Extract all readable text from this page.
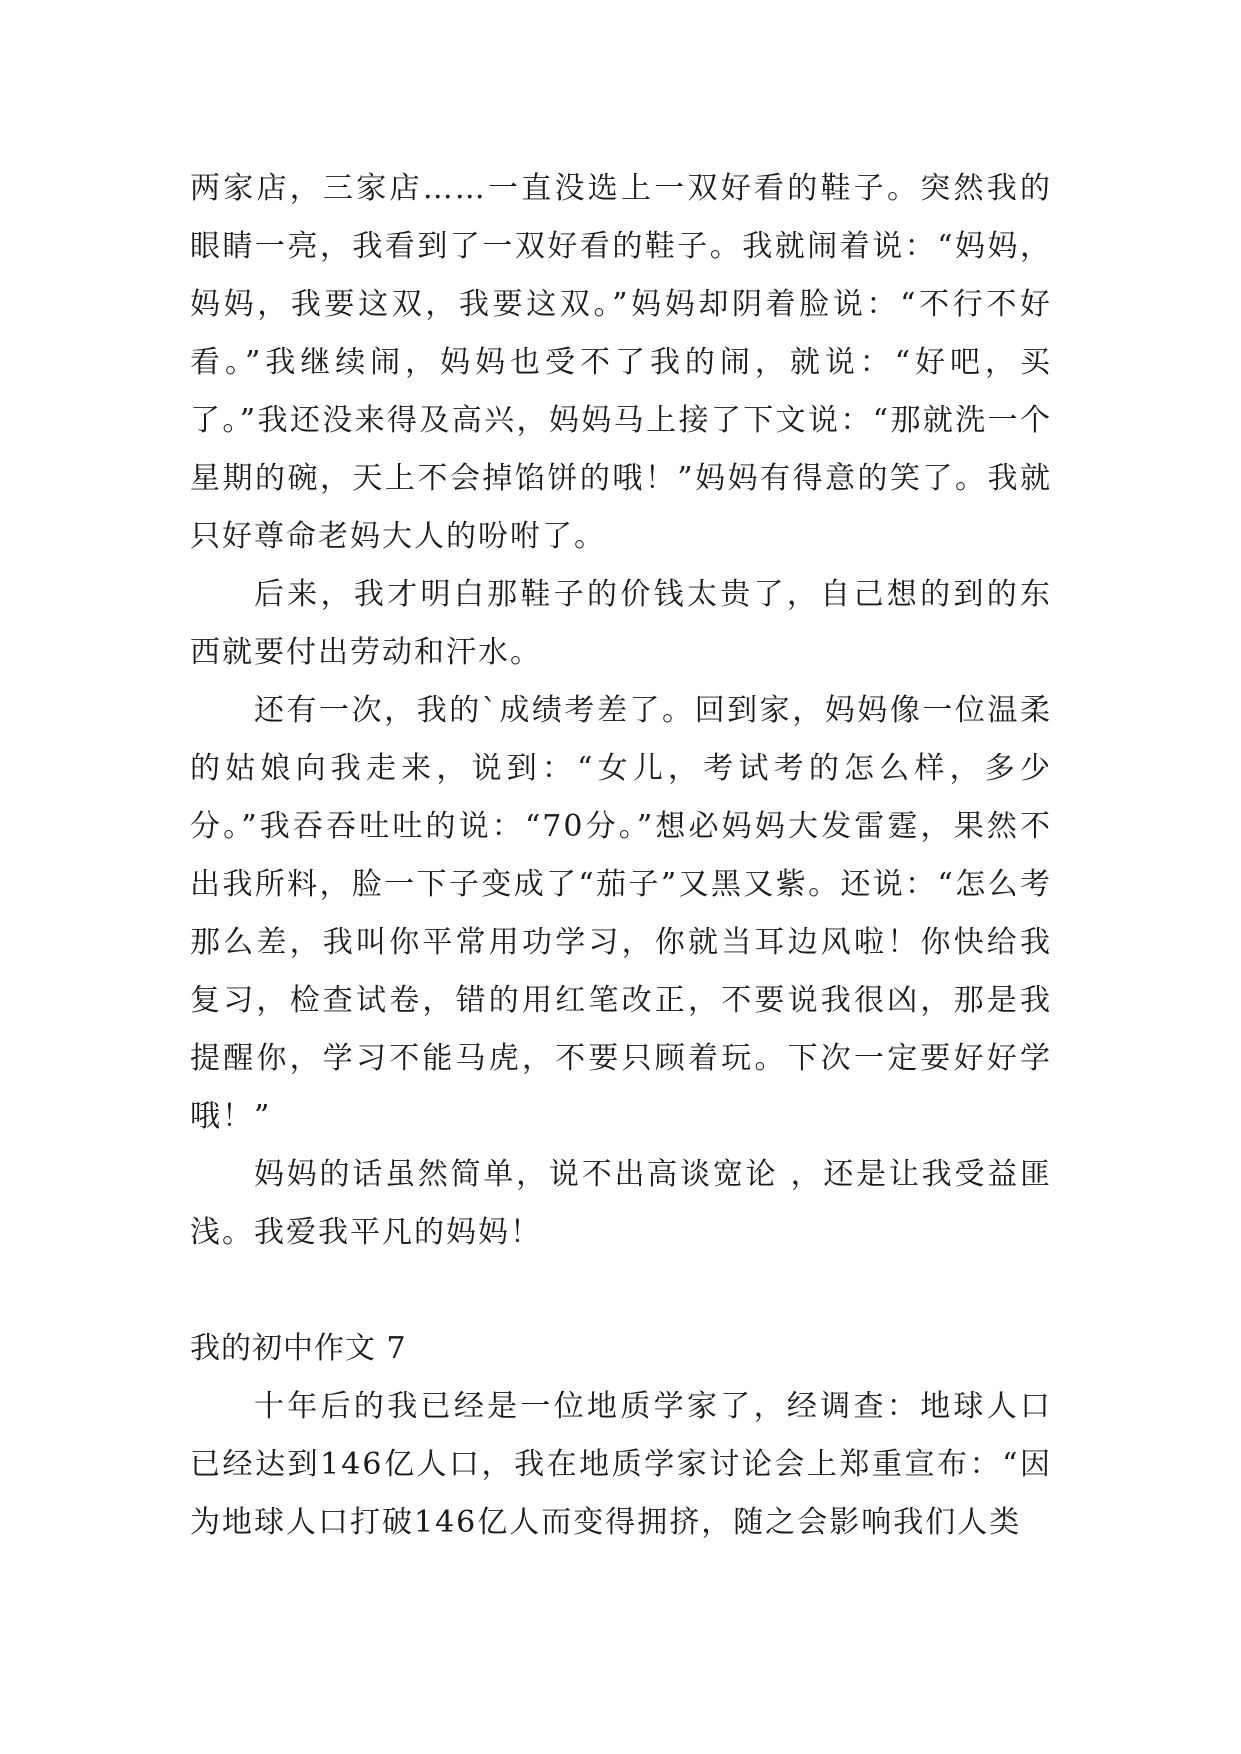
两家店，三家店……一直没选上一双好看的鞋子。突然我的眼睛一亮，我看到了一双好看的鞋子。我就闹着说：“妈妈，妈妈，我要这双，我要这双。”妈妈却阴着脸说：“不行不好看。”我继续闹，妈妈也受不了我的闹，就说：“好吧，买了。”我还没来得及高兴，妈妈马上接了下文说：“那就洗一个星期的碗，天上不会掉馅饼的哦！”妈妈有得意的笑了。我就只好尊命老妈大人的吩咐了。

后来，我才明白那鞋子的价钱太贵了，自己想的到的东西就要付出劳动和汗水。

还有一次，我的`成绩考差了。回到家，妈妈像一位温柔的姑娘向我走来，说到：“女儿，考试考的怎么样，多少分。”我吞吞吐吐的说：“70分。”想必妈妈大发雷霆，果然不出我所料，脸一下子变成了“茄子”又黑又紫。还说：“怎么考那么差，我叫你平常用功学习，你就当耳边风啦！你快给我复习，检查试卷，错的用红笔改正，不要说我很凶，那是我提醒你，学习不能马虎，不要只顾着玩。下次一定要好好学哦！”

妈妈的话虽然简单，说不出高谈宽论 ，还是让我受益匪浅。我爱我平凡的妈妈！

我的初中作文 7

十年后的我已经是一位地质学家了，经调查：地球人口已经达到146亿人口，我在地质学家讨论会上郑重宣布：“因为地球人口打破146亿人而变得拥挤，随之会影响我们人类
